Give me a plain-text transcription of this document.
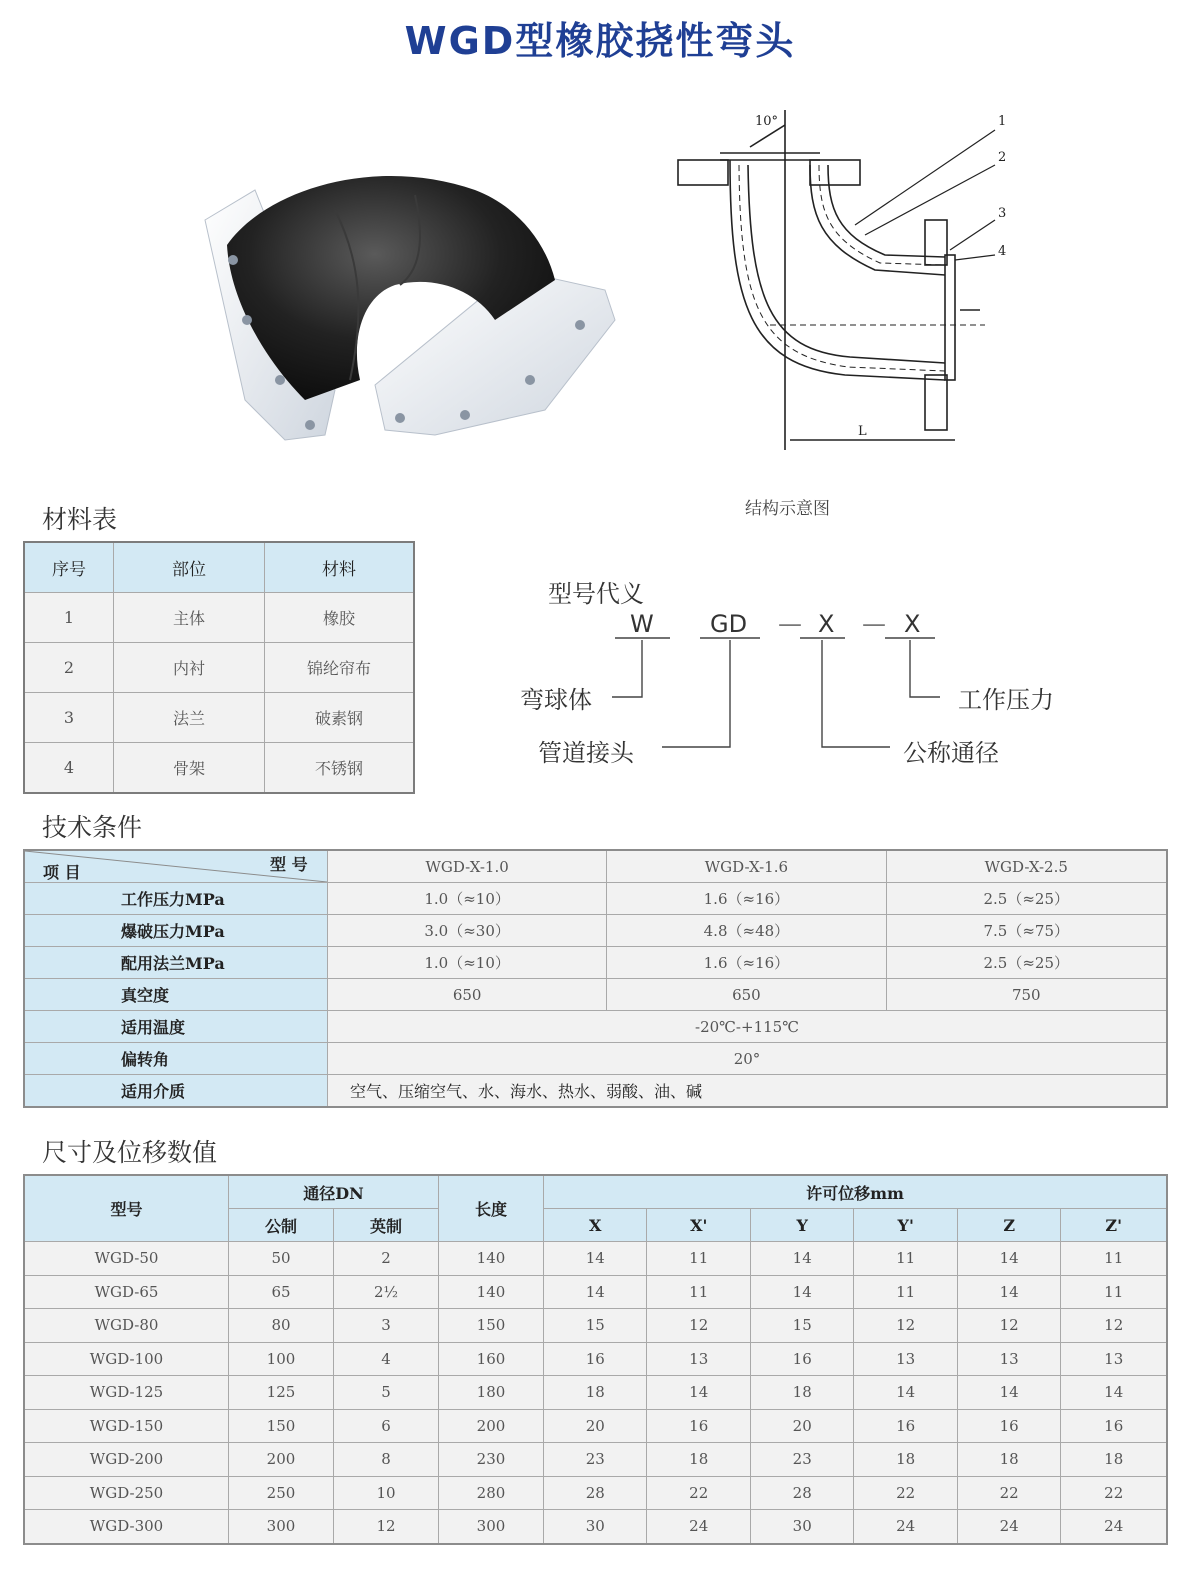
WGD型橡胶挠性弯头
10°
L
1
2
3
4
结构示意图
材料表
序号	部位	材料
1	主体	橡胶
2	内衬	锦纶帘布
3	法兰	破素钢
4	骨架	不锈钢
型号代义
W GD — X — X
弯球体
管道接头	公称通径
工作压力
技术条件
项 目 型 号	WGD-X-1.0	WGD-X-1.6	WGD-X-2.5
工作压力MPa	1.0（≈10）	1.6（≈16）	2.5（≈25）
爆破压力MPa	3.0（≈30）	4.8（≈48）	7.5（≈75）
配用法兰MPa	1.0（≈10）	1.6（≈16）	2.5（≈25）
真空度	650	650	750
适用温度	-20℃-+115℃		
偏转角	20°		
适用介质	空气、压缩空气、水、海水、热水、弱酸、油、碱		
尺寸及位移数值
型号	通径DN		长度	许可位移mm					
	公制	英制		X	X'	Y	Y'	Z	Z'
WGD-50	50	2	140	14	11	14	11	14	11
WGD-65	65	2½	140	14	11	14	11	14	11
WGD-80	80	3	150	15	12	15	12	12	12
WGD-100	100	4	160	16	13	16	13	13	13
WGD-125	125	5	180	18	14	18	14	14	14
WGD-150	150	6	200	20	16	20	16	16	16
WGD-200	200	8	230	23	18	23	18	18	18
WGD-250	250	10	280	28	22	28	22	22	22
WGD-300	300	12	300	30	24	30	24	24	24
